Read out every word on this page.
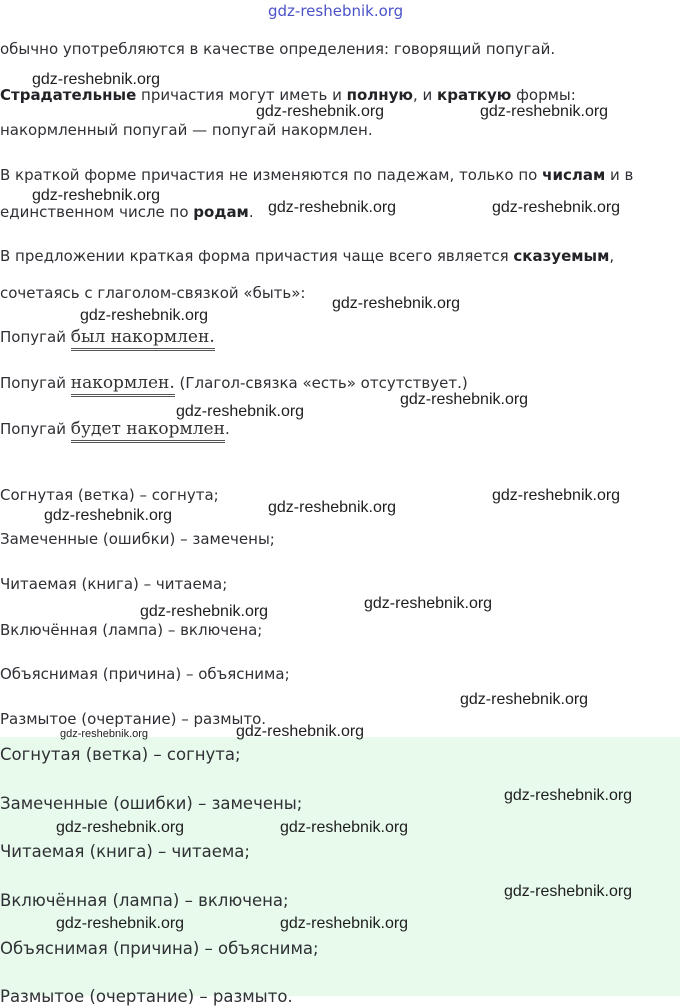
gdz-reshebnik.org
обычно употребляются в качестве определения: говорящий попугай.
Страдательные причастия могут иметь и полную, и краткую формы:
накормленный попугай — попугай накормлен.
В краткой форме причастия не изменяются по падежам, только по числам и в
единственном числе по родам.
В предложении краткая форма причастия чаще всего является сказуемым,
сочетаясь с глаголом-связкой «быть»:
Попугай был накормлен.
Попугай накормлен. (Глагол-связка «есть» отсутствует.)
Попугай будет накормлен.
Согнутая (ветка) – согнута;
Замеченные (ошибки) – замечены;
Читаемая (книга) – читаема;
Включённая (лампа) – включена;
Объяснимая (причина) – объяснима;
Размытое (очертание) – размыто.
Согнутая (ветка) – согнута;
Замеченные (ошибки) – замечены;
Читаемая (книга) – читаема;
Включённая (лампа) – включена;
Объяснимая (причина) – объяснима;
Размытое (очертание) – размыто.
gdz-reshebnik.org
gdz-reshebnik.org	gdz-reshebnik.org
gdz-reshebnik.org
gdz-reshebnik.org	gdz-reshebnik.org
gdz-reshebnik.org
gdz-reshebnik.org
gdz-reshebnik.org
gdz-reshebnik.org
gdz-reshebnik.org
gdz-reshebnik.org
gdz-reshebnik.org
gdz-reshebnik.org
gdz-reshebnik.org
gdz-reshebnik.org
gdz-reshebnik.org
gdz-reshebnik.org
gdz-reshebnik.org
gdz-reshebnik.org	gdz-reshebnik.org
gdz-reshebnik.org
gdz-reshebnik.org	gdz-reshebnik.org
